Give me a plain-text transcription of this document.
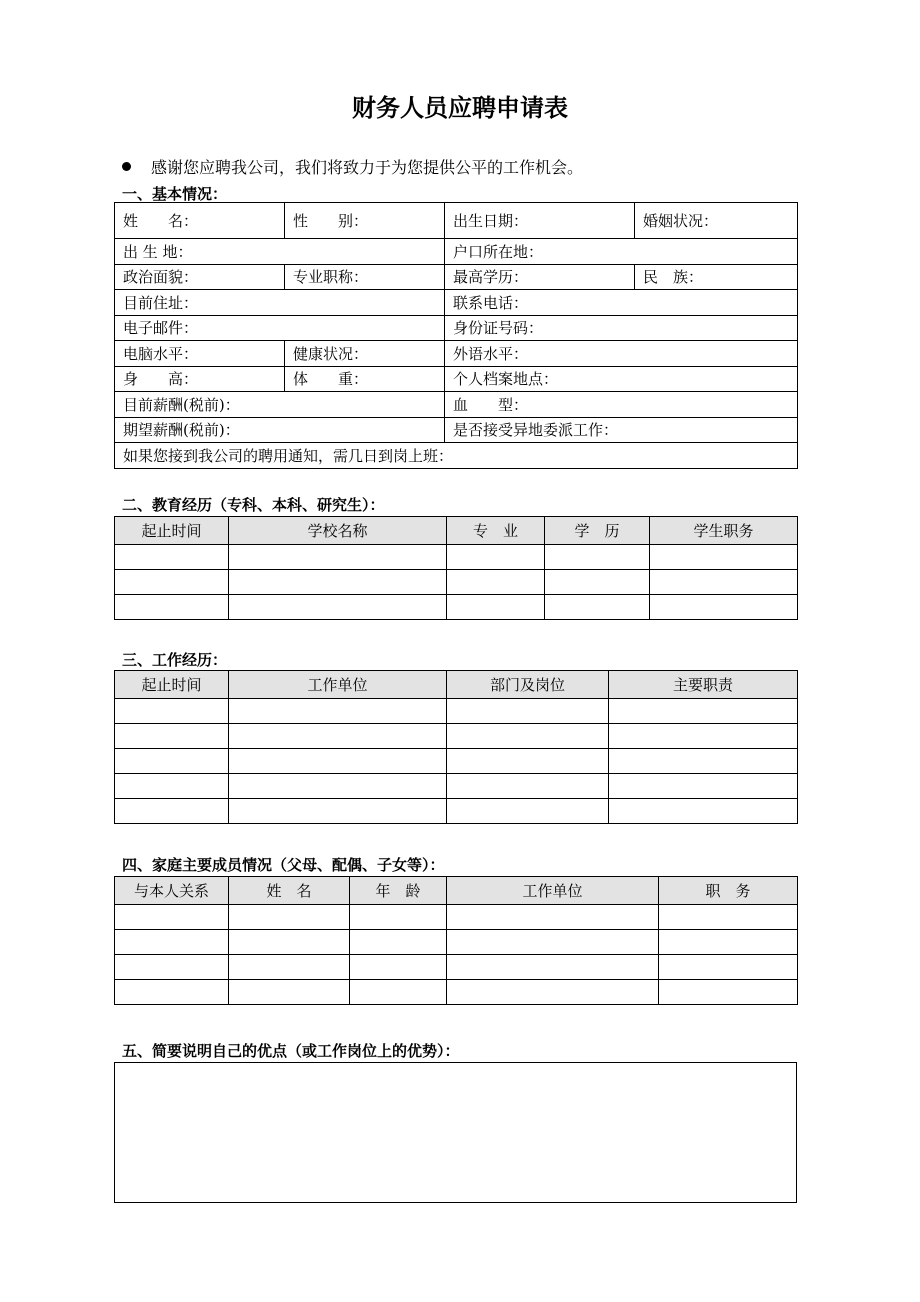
财务人员应聘申请表
感谢您应聘我公司，我们将致力于为您提供公平的工作机会。
一、基本情况：
姓　　名：	性　　别：	出生日期：	婚姻状况：
出 生 地：		户口所在地：	
政治面貌：	专业职称：	最高学历：	民　族：
目前住址：		联系电话：	
电子邮件：		身份证号码：	
电脑水平：	健康状况：	外语水平：	
身　　高：	体　　重：	个人档案地点：	
目前薪酬(税前)：		血　　型：	
期望薪酬(税前)：		是否接受异地委派工作：	
如果您接到我公司的聘用通知，需几日到岗上班：			
二、教育经历（专科、本科、研究生）：
起止时间	学校名称	专　业	学　历	学生职务

三、工作经历：
起止时间	工作单位	部门及岗位	主要职责

四、家庭主要成员情况（父母、配偶、子女等）：
与本人关系	姓　名	年　龄	工作单位	职　务

五、简要说明自己的优点（或工作岗位上的优势）：
